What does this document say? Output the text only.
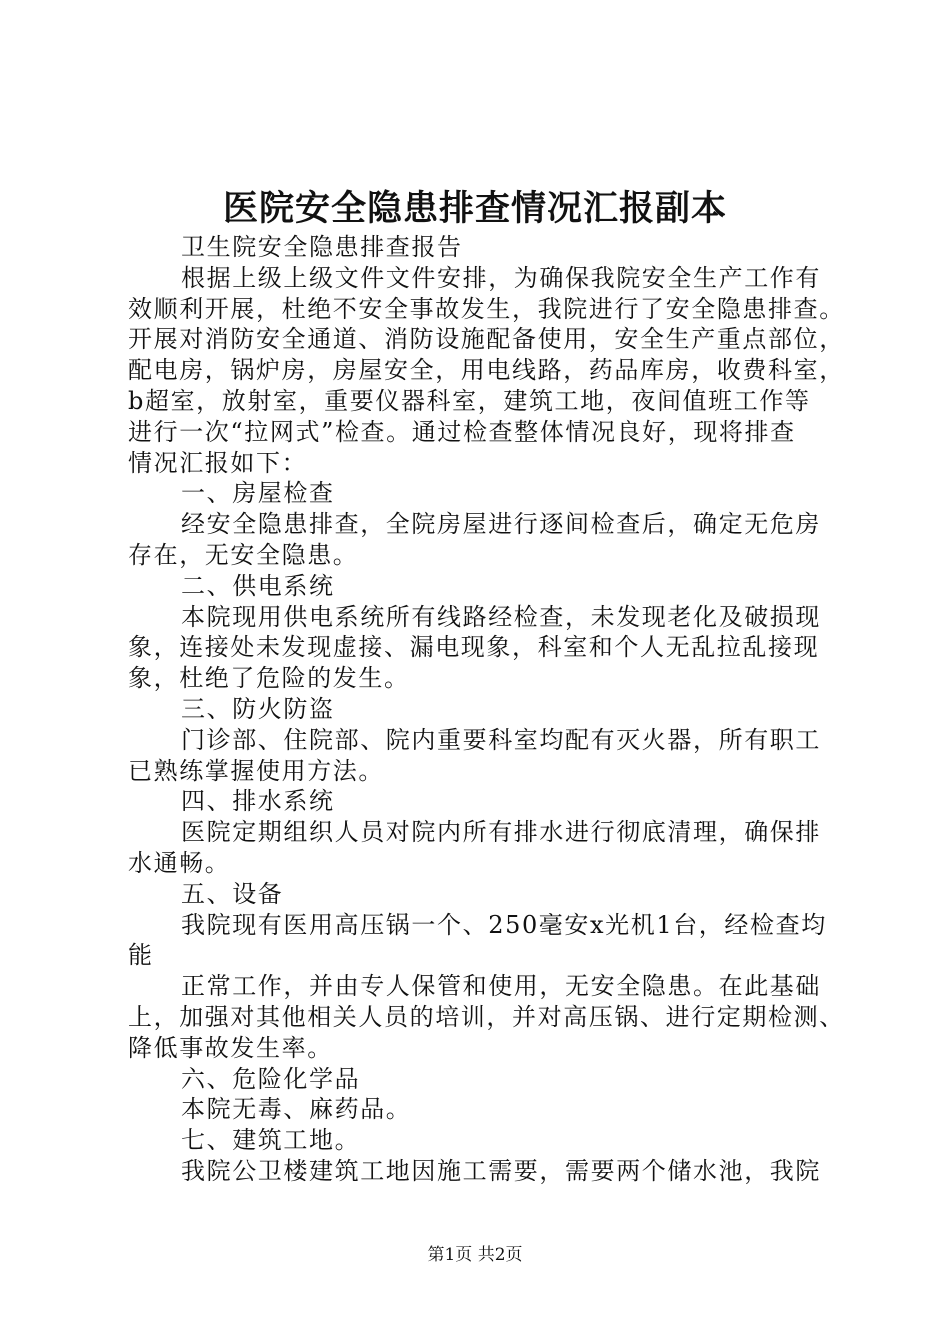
医院安全隐患排查情况汇报副本

卫生院安全隐患排查报告

根据上级上级文件文件安排，为确保我院安全生产工作有

效顺利开展，杜绝不安全事故发生，我院进行了安全隐患排查。

开展对消防安全通道、消防设施配备使用，安全生产重点部位，

配电房，锅炉房，房屋安全，用电线路，药品库房，收费科室，

b超室，放射室，重要仪器科室，建筑工地，夜间值班工作等

进行一次“拉网式”检查。通过检查整体情况良好，现将排查

情况汇报如下：

一、房屋检查

经安全隐患排查，全院房屋进行逐间检查后，确定无危房

存在，无安全隐患。

二、供电系统

本院现用供电系统所有线路经检查，未发现老化及破损现

象，连接处未发现虚接、漏电现象，科室和个人无乱拉乱接现

象，杜绝了危险的发生。

三、防火防盗

门诊部、住院部、院内重要科室均配有灭火器，所有职工

已熟练掌握使用方法。

四、排水系统

医院定期组织人员对院内所有排水进行彻底清理，确保排

水通畅。

五、设备

我院现有医用高压锅一个、250毫安x光机1台，经检查均

能

正常工作，并由专人保管和使用，无安全隐患。在此基础

上，加强对其他相关人员的培训，并对高压锅、进行定期检测、

降低事故发生率。

六、危险化学品

本院无毒、麻药品。

七、建筑工地。

我院公卫楼建筑工地因施工需要，需要两个储水池，我院

第1页 共2页
